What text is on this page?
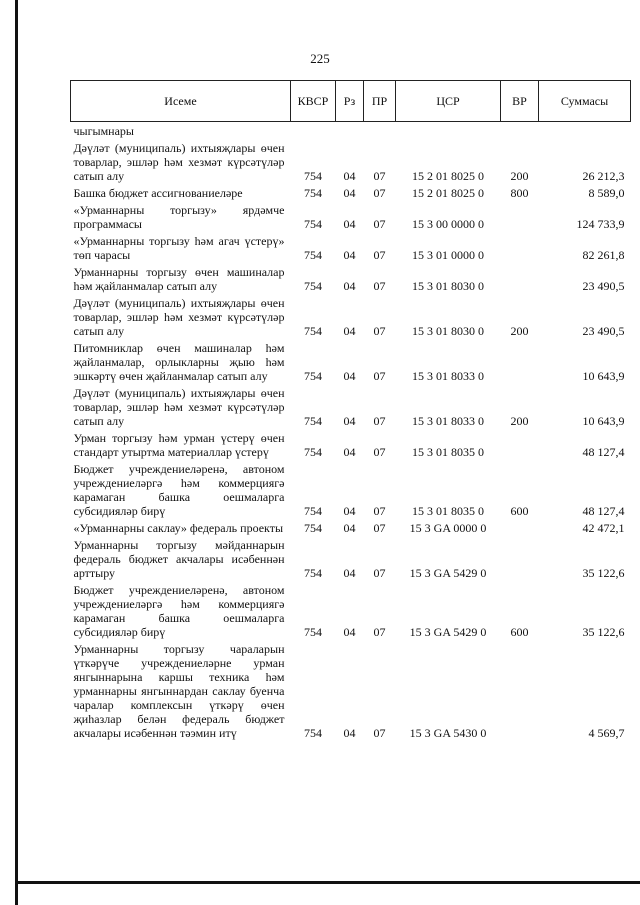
225
Исеме	КВСР	Рз	ПР	ЦСР	ВР	Суммасы
чыгымнары						
Дәүләт (муниципаль) ихтыяҗлары өчен товарлар, эшләр һәм хезмәт күрсәтүләр сатып алу	754	04	07	15 2 01 8025 0	200	26 212,3
Башка бюджет ассигнованиеләре	754	04	07	15 2 01 8025 0	800	8 589,0
«Урманнарны торгызу» ярдәмче программасы	754	04	07	15 3 00 0000 0		124 733,9
«Урманнарны торгызу һәм агач үстерү» төп чарасы	754	04	07	15 3 01 0000 0		82 261,8
Урманнарны торгызу өчен машиналар һәм җайланмалар сатып алу	754	04	07	15 3 01 8030 0		23 490,5
Дәүләт (муниципаль) ихтыяҗлары өчен товарлар, эшләр һәм хезмәт күрсәтүләр сатып алу	754	04	07	15 3 01 8030 0	200	23 490,5
Питомниклар өчен машиналар һәм җайланмалар, орлыкларны җыю һәм эшкәртү өчен җайланмалар сатып алу	754	04	07	15 3 01 8033 0		10 643,9
Дәүләт (муниципаль) ихтыяҗлары өчен товарлар, эшләр һәм хезмәт күрсәтүләр сатып алу	754	04	07	15 3 01 8033 0	200	10 643,9
Урман торгызу һәм урман үстерү өчен стандарт утыртма материаллар үстерү	754	04	07	15 3 01 8035 0		48 127,4
Бюджет учреждениеләренә, автоном учреждениеләргә һәм коммерциягә карамаган башка оешмаларга субсидияләр бирү	754	04	07	15 3 01 8035 0	600	48 127,4
«Урманнарны саклау» федераль проекты	754	04	07	15 3 GA 0000 0		42 472,1
Урманнарны торгызу мәйданнарын федераль бюджет акчалары исәбеннән арттыру	754	04	07	15 3 GA 5429 0		35 122,6
Бюджет учреждениеләренә, автоном учреждениеләргә һәм коммерциягә карамаган башка оешмаларга субсидияләр бирү	754	04	07	15 3 GA 5429 0	600	35 122,6
Урманнарны торгызу чараларын үткәрүче учреждениеләрне урман янгыннарына каршы техника һәм урманнарны янгыннардан саклау буенча чаралар комплексын үткәрү өчен җиһазлар белән федераль бюджет акчалары исәбеннән тәэмин итү	754	04	07	15 3 GA 5430 0		4 569,7
